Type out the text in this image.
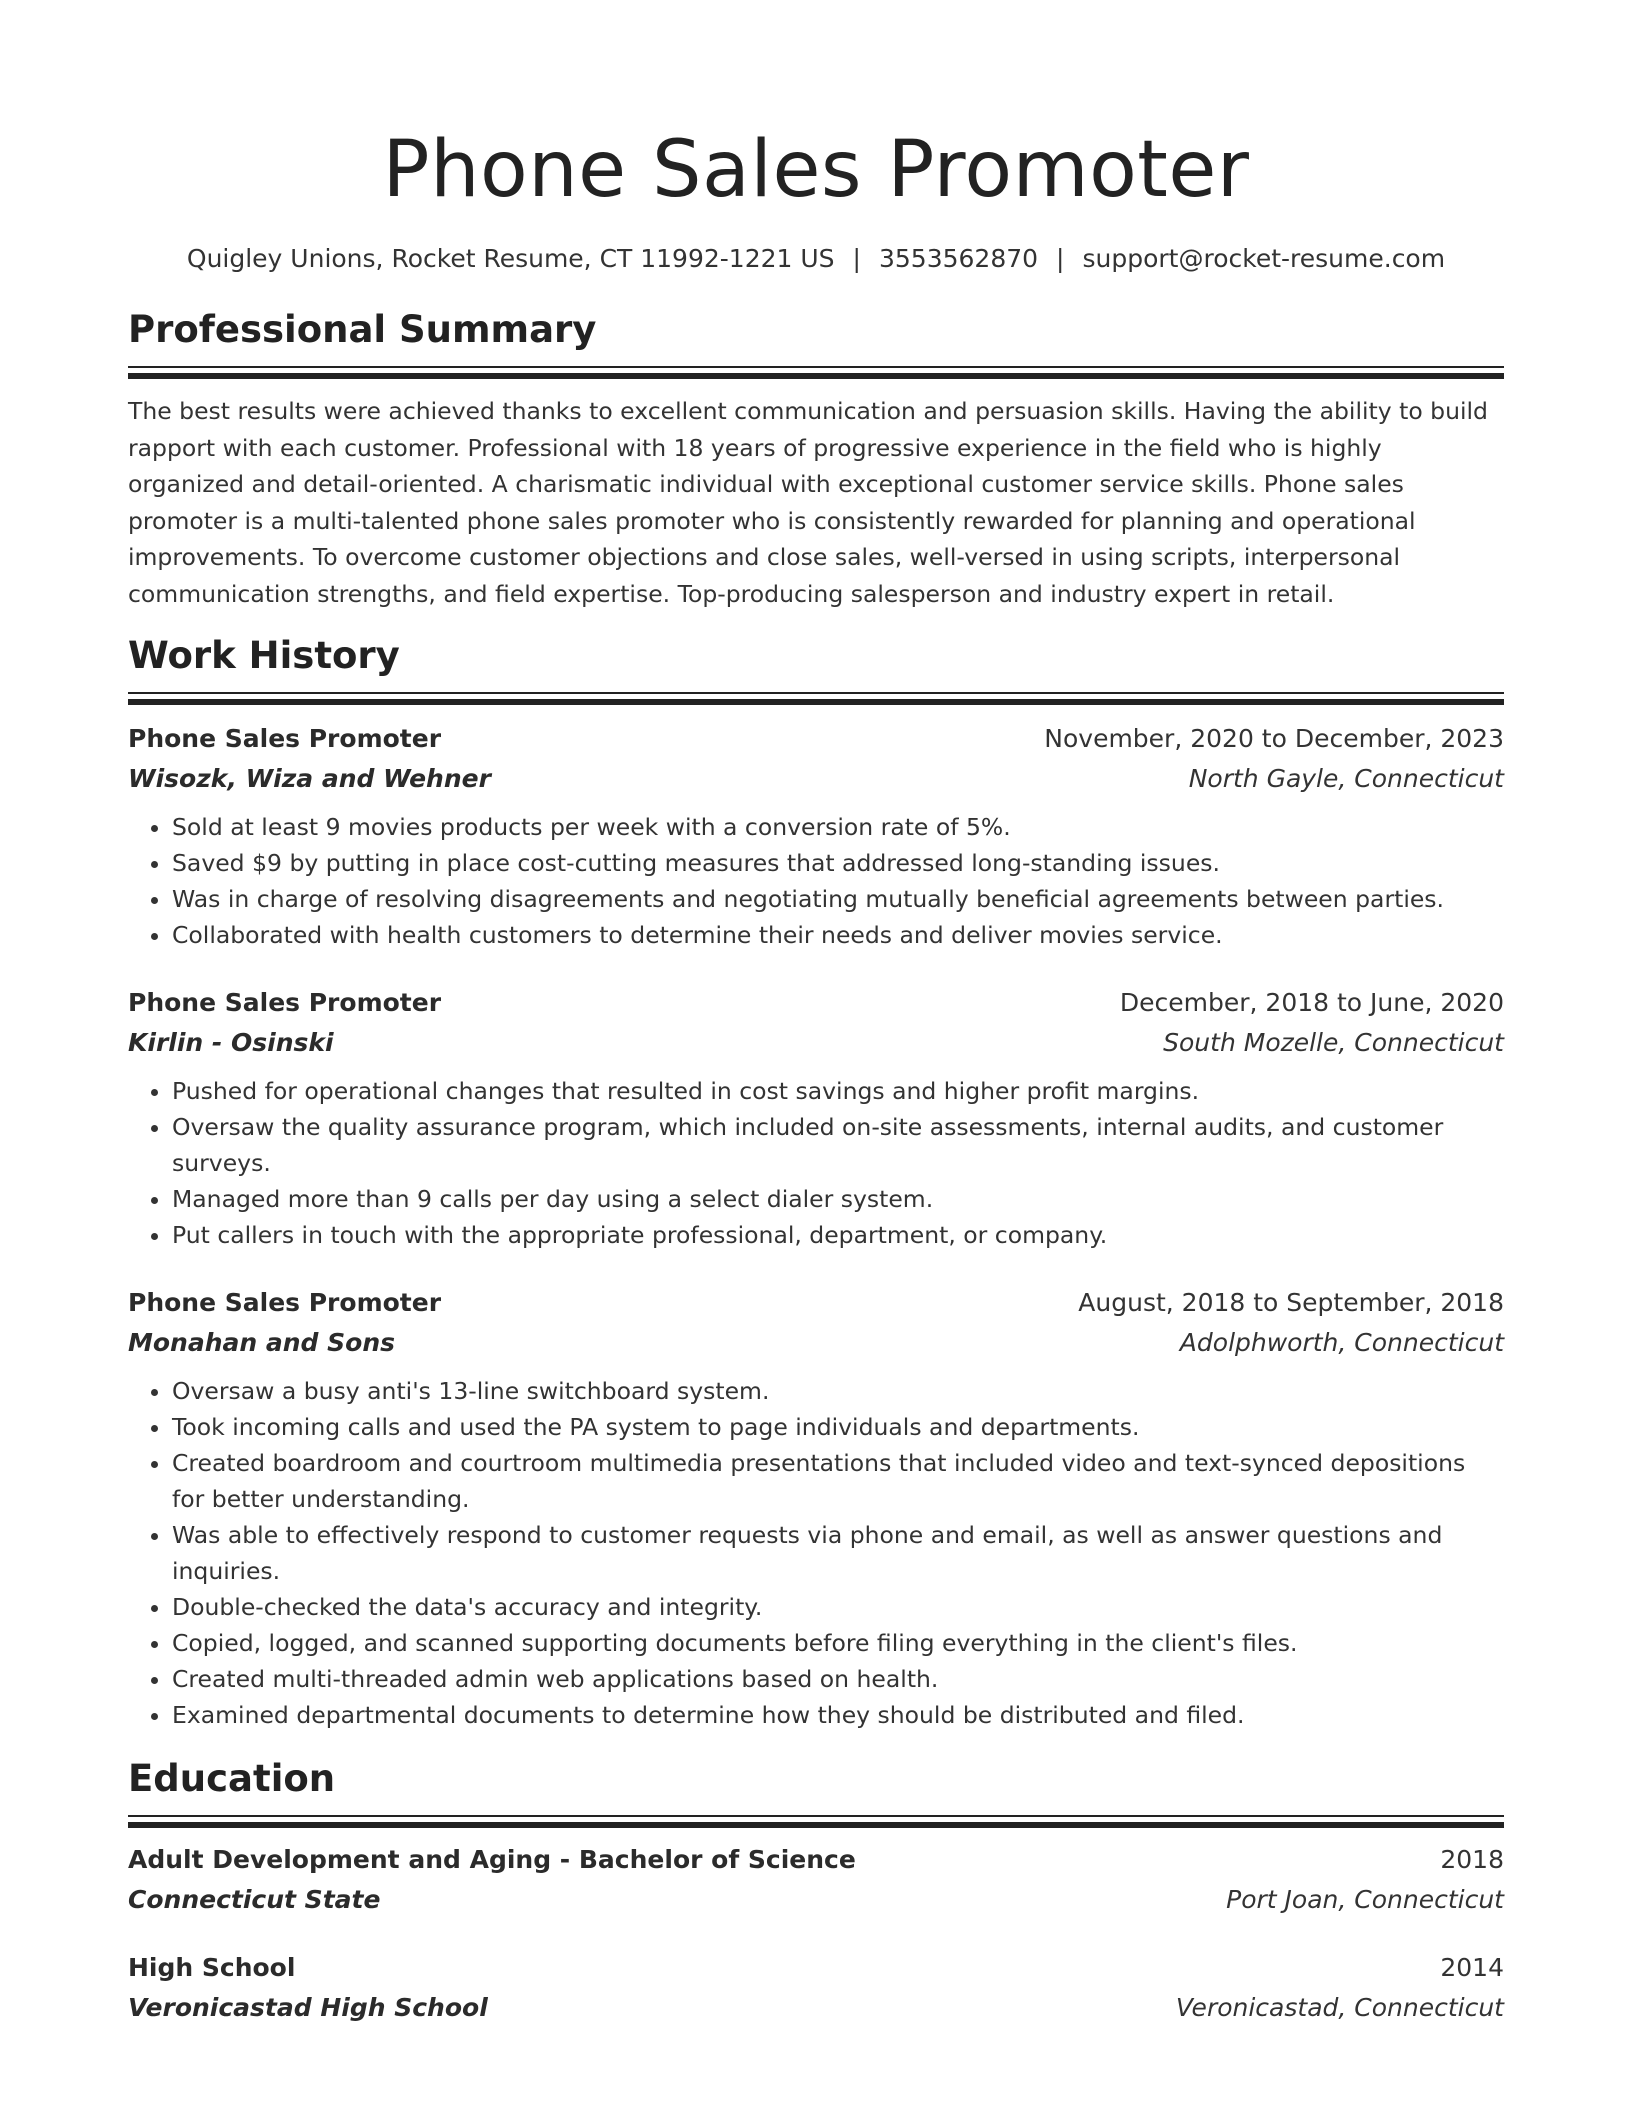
Phone Sales Promoter
Quigley Unions, Rocket Resume, CT 11992-1221 US | 3553562870 | support@rocket-resume.com
Professional Summary

The best results were achieved thanks to excellent communication and persuasion skills. Having the ability to build rapport with each customer. Professional with 18 years of progressive experience in the field who is highly organized and detail-oriented. A charismatic individual with exceptional customer service skills. Phone sales promoter is a multi-talented phone sales promoter who is consistently rewarded for planning and operational improvements. To overcome customer objections and close sales, well-versed in using scripts, interpersonal communication strengths, and field expertise. Top-producing salesperson and industry expert in retail.

Work History
Phone Sales Promoter	November, 2020 to December, 2023
Wisozk, Wiza and Wehner	North Gayle, Connecticut
• Sold at least 9 movies products per week with a conversion rate of 5%.
• Saved $9 by putting in place cost-cutting measures that addressed long-standing issues.
• Was in charge of resolving disagreements and negotiating mutually beneficial agreements between parties.
• Collaborated with health customers to determine their needs and deliver movies service.
Phone Sales Promoter	December, 2018 to June, 2020
Kirlin - Osinski	South Mozelle, Connecticut
• Pushed for operational changes that resulted in cost savings and higher profit margins.
• Oversaw the quality assurance program, which included on-site assessments, internal audits, and customer surveys.
• Managed more than 9 calls per day using a select dialer system.
• Put callers in touch with the appropriate professional, department, or company.
Phone Sales Promoter	August, 2018 to September, 2018
Monahan and Sons	Adolphworth, Connecticut
• Oversaw a busy anti's 13-line switchboard system.
• Took incoming calls and used the PA system to page individuals and departments.
• Created boardroom and courtroom multimedia presentations that included video and text-synced depositions for better understanding.
• Was able to effectively respond to customer requests via phone and email, as well as answer questions and inquiries.
• Double-checked the data's accuracy and integrity.
• Copied, logged, and scanned supporting documents before filing everything in the client's files.
• Created multi-threaded admin web applications based on health.
• Examined departmental documents to determine how they should be distributed and filed.
Education
Adult Development and Aging - Bachelor of Science	2018
Connecticut State	Port Joan, Connecticut
High School	2014
Veronicastad High School	Veronicastad, Connecticut
